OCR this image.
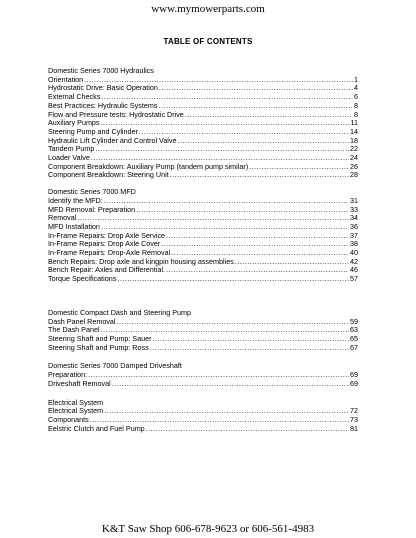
www.mymowerparts.com
TABLE OF CONTENTS
Domestic Series 7000 Hydraulics
Orientation .....	1
Hydrostatic Drive: Basic Operation .....	4
External Checks .....	6
Best Practices: Hydraulic Systems .....	8
Flow and Pressure tests: Hydrostatic Drive .....	8
Auxiliary Pumps .....	11
Steering Pump and Cylinder .....	14
Hydraulic Lift Cylinder and Control Valve .....	18
Tandem Pump .....	22
Loader Valve .....	24
Component Breakdown: Auxiliary Pump (tandem pump similar) .....	26
Component Breakdown: Steering Unit .....	28
Domestic Series 7000 MFD
Identify the MFD: .....	31
MFD Removal: Preparation .....	33
Removal .....	34
MFD Installation .....	36
In-Frame Repairs: Drop Axle Service .....	37
In-Frame Repairs: Drop Axle Cover .....	38
In-Frame Repairs: Drop-Axle Removal .....	40
Bench Repairs: Drop axle and kingpin housing assemblies .....	42
Bench Repair: Axles and Differential. .....	46
Torque Specifications .....	57
Domestic Compact Dash and Steering Pump
Dash Panel Removal .....	59
The Dash Panel .....	63
Steering Shaft and Pump: Sauer .....	65
Steering Shaft and Pump: Ross .....	67
Domestic Series 7000 Damped Driveshaft
Preparation: .....	69
Driveshaft Removal .....	69
Electrical System
Electrical System .....	72
Componants .....	73
Eelstric Clutch and Fuel Pump .....	81
K&T Saw Shop 606-678-9623 or 606-561-4983
